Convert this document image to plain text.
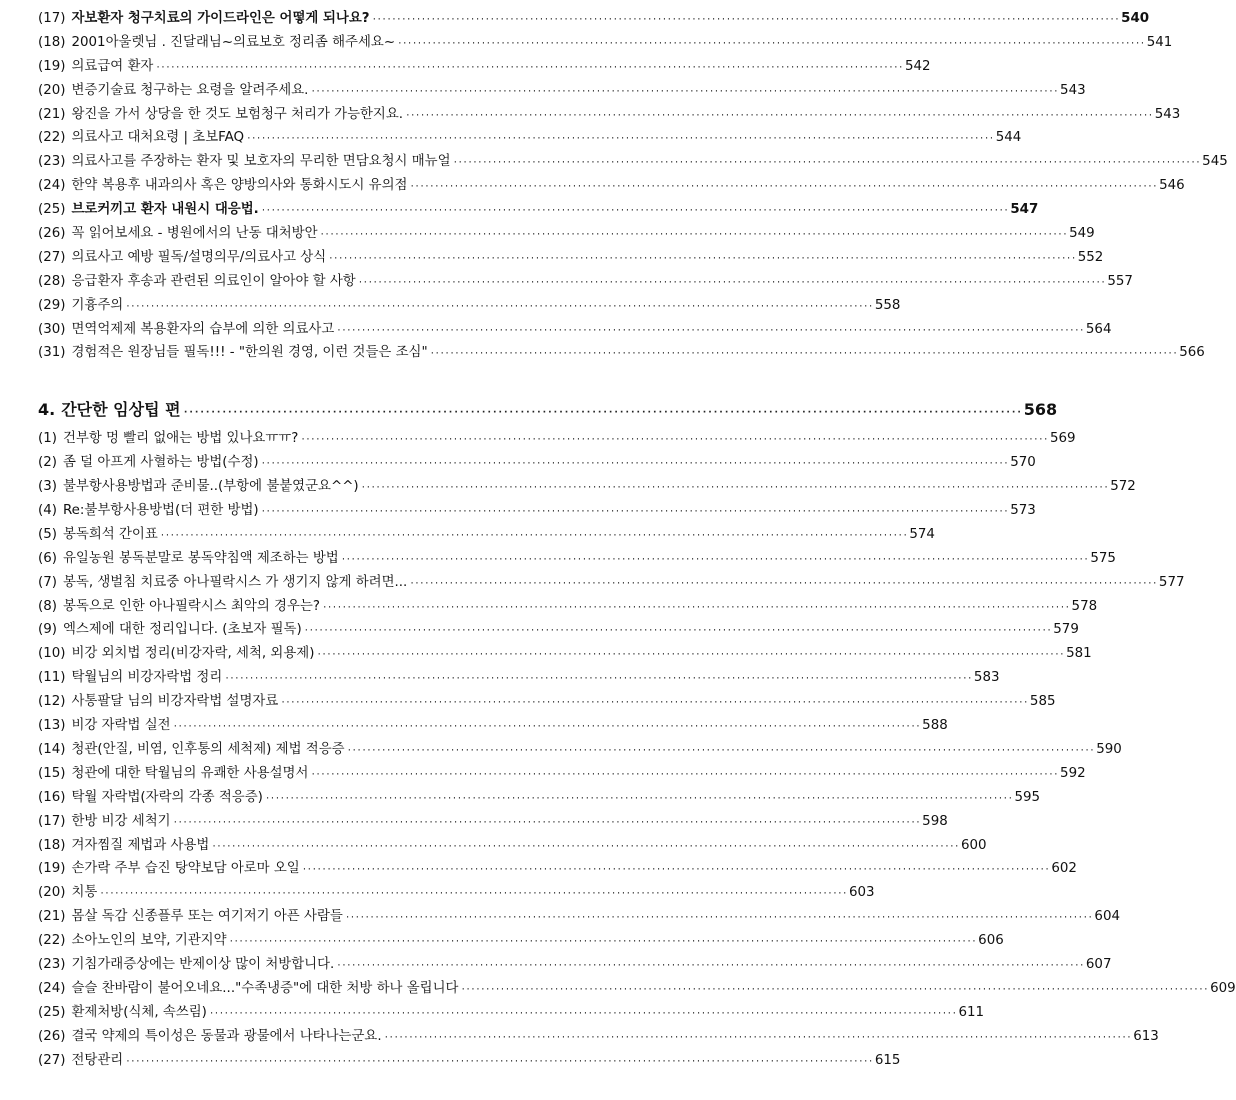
(17) 자보환자 청구치료의 가이드라인은 어떻게 되나요? ·····	540
(18) 2001아울렛님 . 진달래님~의료보호 정리좀 해주세요~ ·····	541
(19) 의료급여 환자 ·····	542
(20) 변증기술료 청구하는 요령을 알려주세요. ·····	543
(21) 왕진을 가서 상당을 한 것도 보험청구 처리가 가능한지요. ·····	543
(22) 의료사고 대처요령 | 초보FAQ ·····	544
(23) 의료사고를 주장하는 환자 및 보호자의 무리한 면담요청시 매뉴얼 ·····	545
(24) 한약 복용후 내과의사 혹은 양방의사와 통화시도시 유의점 ·····	546
(25) 브로커끼고 환자 내원시 대응법. ·····	547
(26) 꼭 읽어보세요 - 병원에서의 난동 대처방안 ·····	549
(27) 의료사고 예방 필독/설명의무/의료사고 상식 ·····	552
(28) 응급환자 후송과 관련된 의료인이 알아야 할 사항 ·····	557
(29) 기흉주의 ·····	558
(30) 면역억제제 복용환자의 습부에 의한 의료사고 ·····	564
(31) 경험적은 원장님들 필독!!! - "한의원 경영, 이런 것들은 조심" ·····	566
4. 간단한 임상팁 편 ·····	568
(1) 건부항 멍 빨리 없애는 방법 있나요ㅠㅠ? ·····	569
(2) 좀 덜 아프게 사혈하는 방법(수정) ·····	570
(3) 불부항사용방법과 준비물..(부항에 불붙였군요^^) ·····	572
(4) Re:불부항사용방법(더 편한 방법) ·····	573
(5) 봉독희석 간이표 ·····	574
(6) 유일농원 봉독분말로 봉독약침액 제조하는 방법 ·····	575
(7) 봉독, 생벌침 치료중 아나필락시스 가 생기지 않게 하려면... ·····	577
(8) 봉독으로 인한 아나필락시스 최악의 경우는? ·····	578
(9) 엑스제에 대한 정리입니다. (초보자 필독) ·····	579
(10) 비강 외치법 정리(비강자락, 세척, 외용제) ·····	581
(11) 탁월님의 비강자락법 정리 ·····	583
(12) 사통팔달 님의 비강자락법 설명자료 ·····	585
(13) 비강 자락법 실전 ·····	588
(14) 청관(안질, 비염, 인후통의 세척제) 제법 적응증 ·····	590
(15) 청관에 대한 탁월님의 유쾌한 사용설명서 ·····	592
(16) 탁월 자락법(자락의 각종 적응증) ·····	595
(17) 한방 비강 세척기 ·····	598
(18) 겨자찜질 제법과 사용법 ·····	600
(19) 손가락 주부 습진 탕약보담 아로마 오일 ·····	602
(20) 치통 ·····	603
(21) 몸살 독감 신종플루 또는 여기저기 아픈 사람들 ·····	604
(22) 소아노인의 보약, 기관지약 ·····	606
(23) 기침가래증상에는 반제이상 많이 처방합니다. ·····	607
(24) 슬슬 찬바람이 불어오네요..."수족냉증"에 대한 처방 하나 올립니다 ·····	609
(25) 환제처방(식체, 속쓰림) ·····	611
(26) 결국 약제의 특이성은 동물과 광물에서 나타나는군요. ·····	613
(27) 전탕관리 ·····	615
